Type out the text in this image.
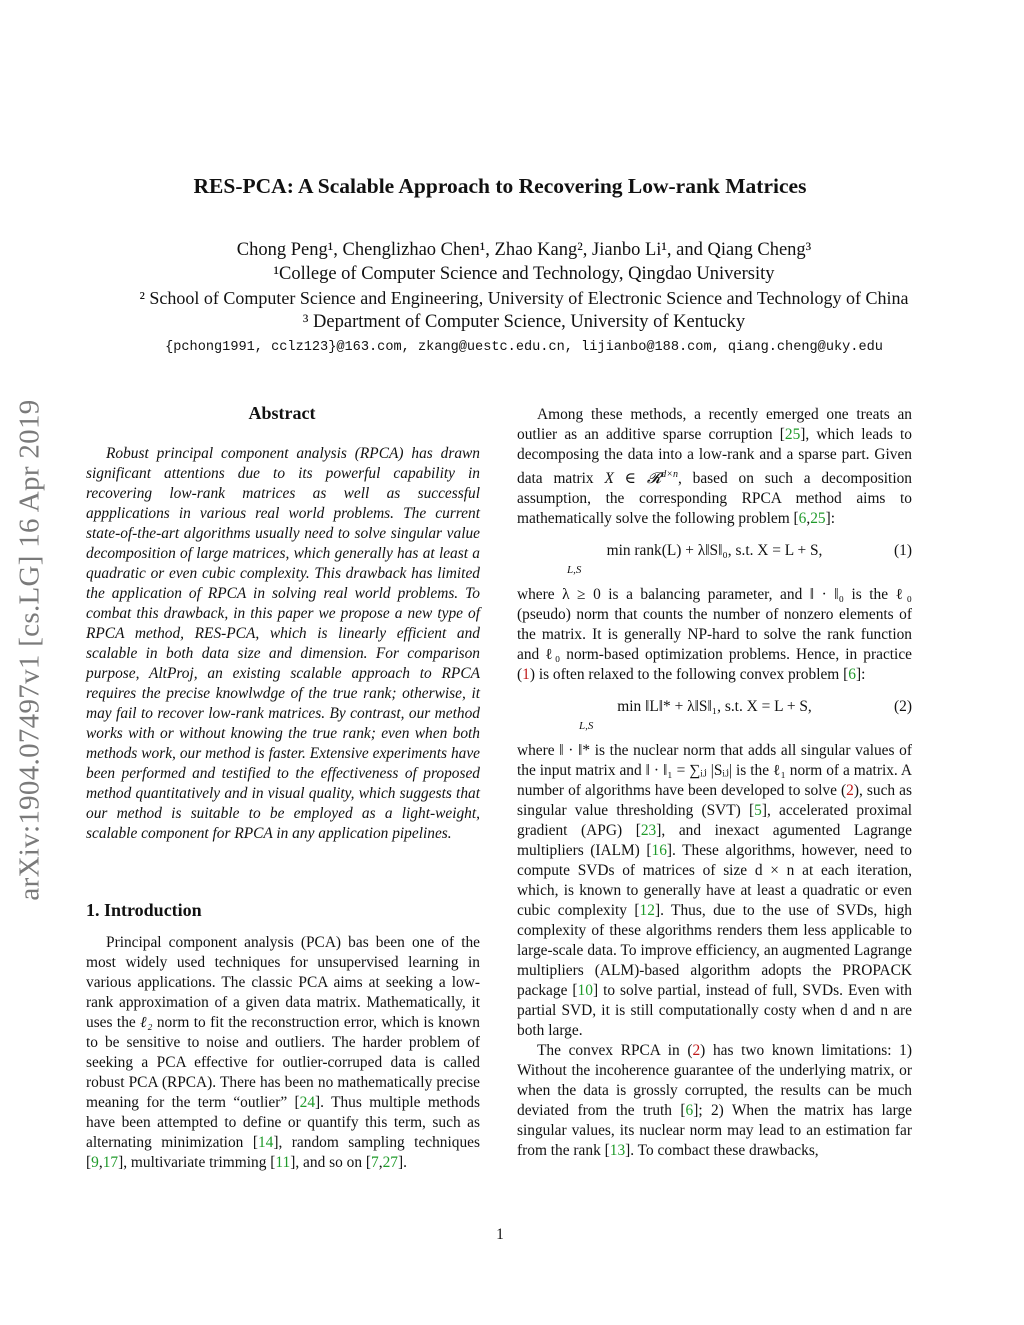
arXiv:1904.07497v1 [cs.LG] 16 Apr 2019
RES-PCA: A Scalable Approach to Recovering Low-rank Matrices
Chong Peng¹, Chenglizhao Chen¹, Zhao Kang², Jianbo Li¹, and Qiang Cheng³
¹College of Computer Science and Technology, Qingdao University
² School of Computer Science and Engineering, University of Electronic Science and Technology of China
³ Department of Computer Science, University of Kentucky
{pchong1991, cclz123}@163.com, zkang@uestc.edu.cn, lijianbo@188.com, qiang.cheng@uky.edu
Abstract

Robust principal component analysis (RPCA) has drawn significant attentions due to its powerful capability in recovering low-rank matrices as well as successful appplications in various real world problems. The current state-of-the-art algorithms usually need to solve singular value decomposition of large matrices, which generally has at least a quadratic or even cubic complexity. This drawback has limited the application of RPCA in solving real world problems. To combat this drawback, in this paper we propose a new type of RPCA method, RES-PCA, which is linearly efficient and scalable in both data size and dimension. For comparison purpose, AltProj, an existing scalable approach to RPCA requires the precise knowlwdge of the true rank; otherwise, it may fail to recover low-rank matrices. By contrast, our method works with or without knowing the true rank; even when both methods work, our method is faster. Extensive experiments have been performed and testified to the effectiveness of proposed method quantitatively and in visual quality, which suggests that our method is suitable to be employed as a light-weight, scalable component for RPCA in any application pipelines.

1. Introduction

Principal component analysis (PCA) bas been one of the most widely used techniques for unsupervised learning in various applications. The classic PCA aims at seeking a low-rank approximation of a given data matrix. Mathematically, it uses the ℓ₂ norm to fit the reconstruction error, which is known to be sensitive to noise and outliers. The harder problem of seeking a PCA effective for outlier-corruped data is called robust PCA (RPCA). There has been no mathematically precise meaning for the term “outlier” [24]. Thus multiple methods have been attempted to define or quantify this term, such as alternating minimization [14], random sampling techniques [9,17], multivariate trimming [11], and so on [7,27].

Among these methods, a recently emerged one treats an outlier as an additive sparse corruption [25], which leads to decomposing the data into a low-rank and a sparse part. Given data matrix X ∈ 𝓡$^{d\times n}$, based on such a decomposition assumption, the corresponding RPCA method aims to mathematically solve the following problem [6,25]:

min rank(L) + λ‖S‖₀, s.t. X = L + S,
L,S
(1)

where λ ≥ 0 is a balancing parameter, and ‖ · ‖₀ is the ℓ₀ (pseudo) norm that counts the number of nonzero elements of the matrix. It is generally NP-hard to solve the rank function and ℓ₀ norm-based optimization problems. Hence, in practice (1) is often relaxed to the following convex problem [6]:

min ‖L‖* + λ‖S‖₁, s.t. X = L + S,
L,S
(2)

where ‖ · ‖* is the nuclear norm that adds all singular values of the input matrix and ‖ · ‖₁ = ∑ᵢⱼ |Sᵢⱼ| is the ℓ₁ norm of a matrix. A number of algorithms have been developed to solve (2), such as singular value thresholding (SVT) [5], accelerated proximal gradient (APG) [23], and inexact agumented Lagrange multipliers (IALM) [16]. These algorithms, however, need to compute SVDs of matrices of size d × n at each iteration, which, is known to generally have at least a quadratic or even cubic complexity [12]. Thus, due to the use of SVDs, high complexity of these algorithms renders them less applicable to large-scale data. To improve efficiency, an augmented Lagrange multipliers (ALM)-based algorithm adopts the PROPACK package [10] to solve partial, instead of full, SVDs. Even with partial SVD, it is still computationally costy when d and n are both large.

The convex RPCA in (2) has two known limitations: 1) Without the incoherence guarantee of the underlying matrix, or when the data is grossly corrupted, the results can be much deviated from the truth [6]; 2) When the matrix has large singular values, its nuclear norm may lead to an estimation far from the rank [13]. To combact these drawbacks,

1
